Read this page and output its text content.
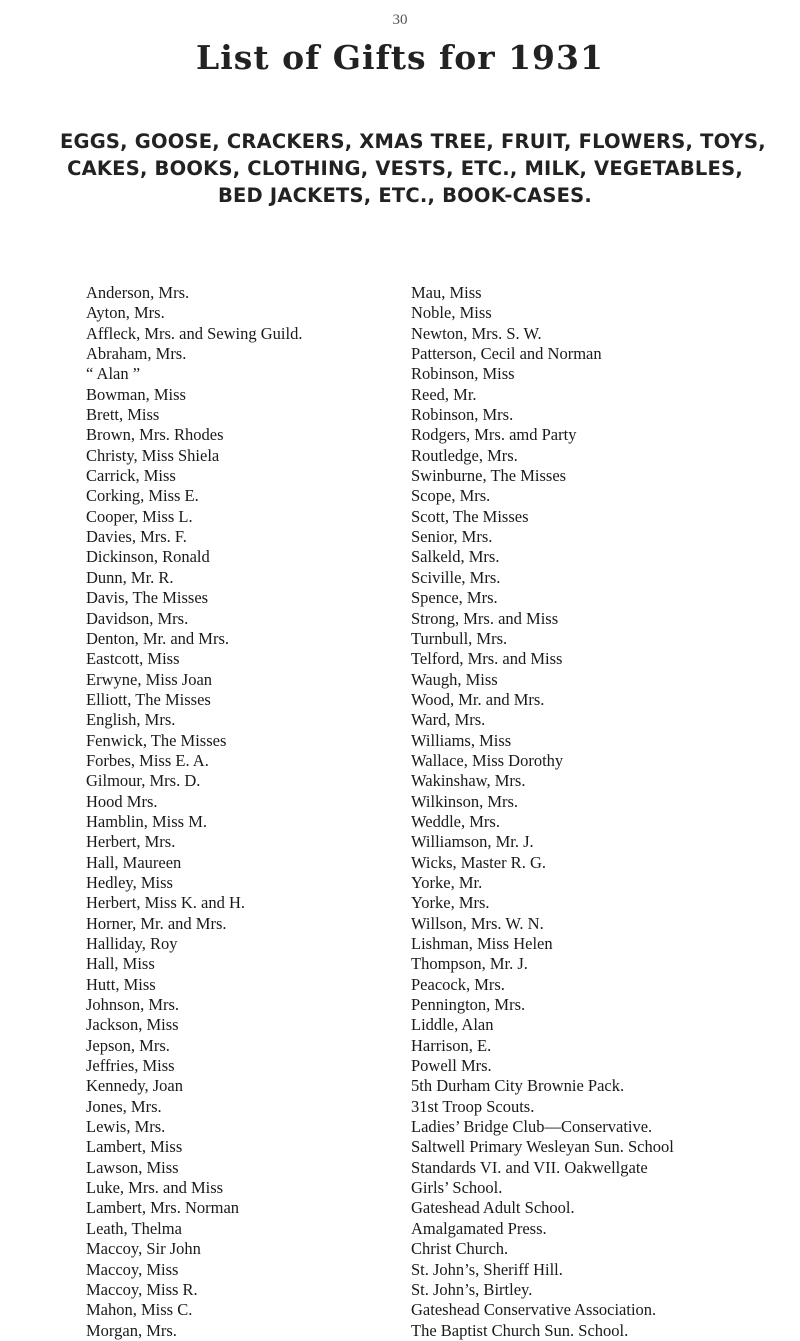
30
List of Gifts for 1931
EGGS, GOOSE, CRACKERS, XMAS TREE, FRUIT, FLOWERS, TOYS,
CAKES, BOOKS, CLOTHING, VESTS, ETC., MILK, VEGETABLES,
BED JACKETS, ETC., BOOK-CASES.
Anderson, Mrs.
Ayton, Mrs.
Affleck, Mrs. and Sewing Guild.
Abraham, Mrs.
“ Alan ”
Bowman, Miss
Brett, Miss
Brown, Mrs. Rhodes
Christy, Miss Shiela
Carrick, Miss
Corking, Miss E.
Cooper, Miss L.
Davies, Mrs. F.
Dickinson, Ronald
Dunn, Mr. R.
Davis, The Misses
Davidson, Mrs.
Denton, Mr. and Mrs.
Eastcott, Miss
Erwyne, Miss Joan
Elliott, The Misses
English, Mrs.
Fenwick, The Misses
Forbes, Miss E. A.
Gilmour, Mrs. D.
Hood Mrs.
Hamblin, Miss M.
Herbert, Mrs.
Hall, Maureen
Hedley, Miss
Herbert, Miss K. and H.
Horner, Mr. and Mrs.
Halliday, Roy
Hall, Miss
Hutt, Miss
Johnson, Mrs.
Jackson, Miss
Jepson, Mrs.
Jeffries, Miss
Kennedy, Joan
Jones, Mrs.
Lewis, Mrs.
Lambert, Miss
Lawson, Miss
Luke, Mrs. and Miss
Lambert, Mrs. Norman
Leath, Thelma
Maccoy, Sir John
Maccoy, Miss
Maccoy, Miss R.
Mahon, Miss C.
Morgan, Mrs.
Mau, Miss
Noble, Miss
Newton, Mrs. S. W.
Patterson, Cecil and Norman
Robinson, Miss
Reed, Mr.
Robinson, Mrs.
Rodgers, Mrs. amd Party
Routledge, Mrs.
Swinburne, The Misses
Scope, Mrs.
Scott, The Misses
Senior, Mrs.
Salkeld, Mrs.
Sciville, Mrs.
Spence, Mrs.
Strong, Mrs. and Miss
Turnbull, Mrs.
Telford, Mrs. and Miss
Waugh, Miss
Wood, Mr. and Mrs.
Ward, Mrs.
Williams, Miss
Wallace, Miss Dorothy
Wakinshaw, Mrs.
Wilkinson, Mrs.
Weddle, Mrs.
Williamson, Mr. J.
Wicks, Master R. G.
Yorke, Mr.
Yorke, Mrs.
Willson, Mrs. W. N.
Lishman, Miss Helen
Thompson, Mr. J.
Peacock, Mrs.
Pennington, Mrs.
Liddle, Alan
Harrison, E.
Powell Mrs.
5th Durham City Brownie Pack.
31st Troop Scouts.
Ladies’ Bridge Club—Conservative.
Saltwell Primary Wesleyan Sun. School
Standards VI. and VII. Oakwellgate
Girls’ School.
Gateshead Adult School.
Amalgamated Press.
Christ Church.
St. John’s, Sheriff Hill.
St. John’s, Birtley.
Gateshead Conservative Association.
The Baptist Church Sun. School.
